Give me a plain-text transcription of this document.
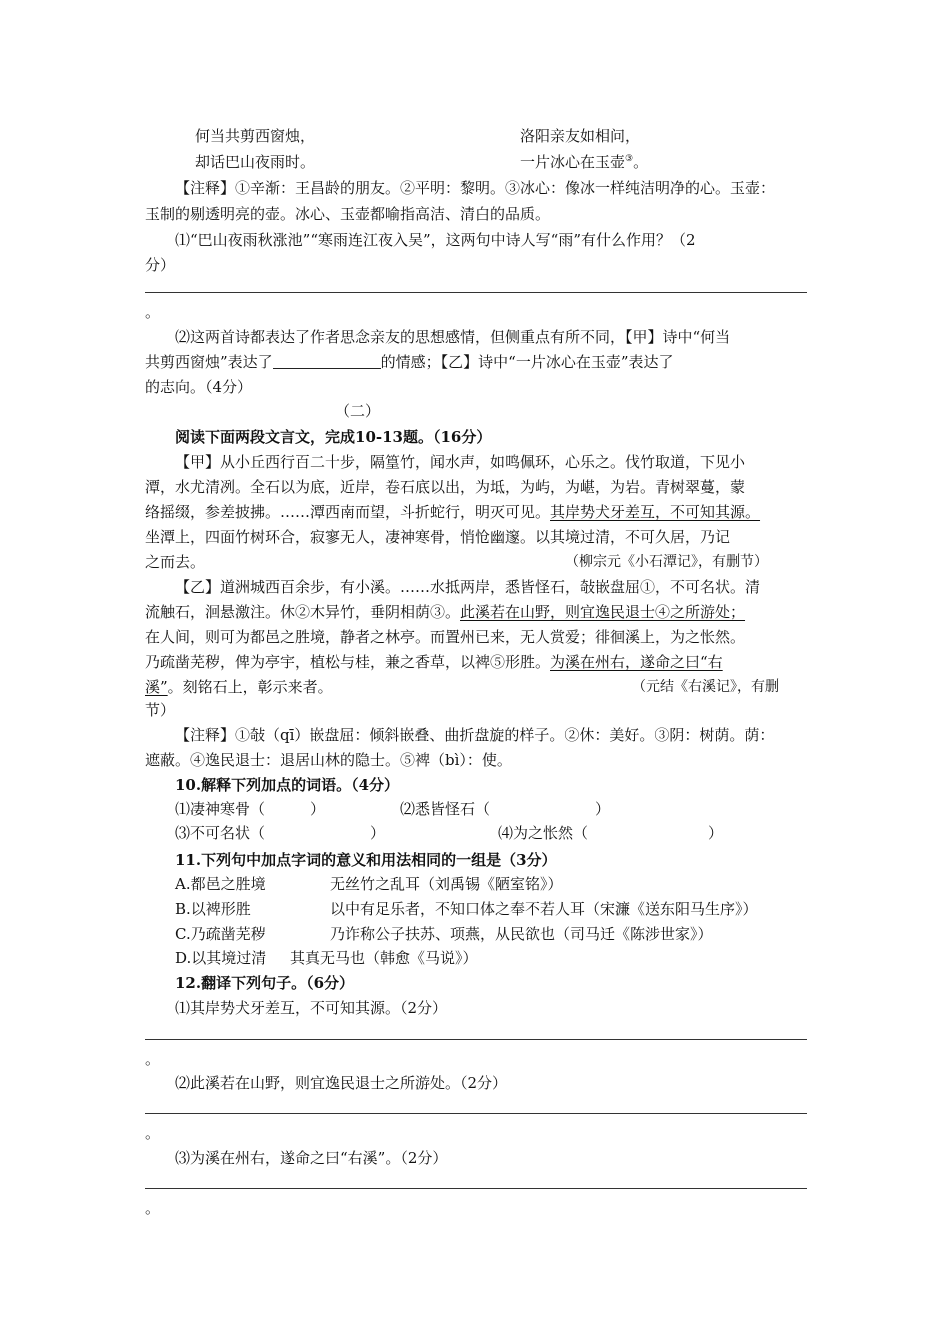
何当共剪西窗烛，	洛阳亲友如相问，
却话巴山夜雨时。	一片冰心在玉壶③。
【注释】①辛渐：王昌龄的朋友。②平明：黎明。③冰心：像冰一样纯洁明净的心。玉壶：
玉制的剔透明亮的壶。冰心、玉壶都喻指高洁、清白的品质。
⑴“巴山夜雨秋涨池”“寒雨连江夜入吴”，这两句中诗人写“雨”有什么作用？（2
分）
。
⑵这两首诗都表达了作者思念亲友的思想感情，但侧重点有所不同，【甲】诗中“何当
共剪西窗烛”表达了	的情感；【乙】诗中“一片冰心在玉壶”表达了
的志向。（4分）
（二）
阅读下面两段文言文，完成10-13题。（16分）
【甲】从小丘西行百二十步，隔篁竹，闻水声，如鸣佩环，心乐之。伐竹取道，下见小
潭，水尤清冽。全石以为底，近岸，卷石底以出，为坻，为屿，为嵁，为岩。青树翠蔓，蒙
络摇缀，参差披拂。……潭西南而望，斗折蛇行，明灭可见。其岸势犬牙差互，不可知其源。
坐潭上，四面竹树环合，寂寥无人，凄神寒骨，悄怆幽邃。以其境过清，不可久居，乃记
之而去。	（柳宗元《小石潭记》，有删节）
【乙】道洲城西百余步，有小溪。……水抵两岸，悉皆怪石，敧嵌盘屈①，不可名状。清
流触石，洄悬激注。休②木异竹，垂阴相荫③。此溪若在山野，则宜逸民退士④之所游处；
在人间，则可为都邑之胜境，静者之林亭。而置州已来，无人赏爱；徘徊溪上，为之怅然。
乃疏凿芜秽，俾为亭宇，植松与桂，兼之香草，以裨⑤形胜。为溪在州右，遂命之曰“右
溪”。刻铭石上，彰示来者。	（元结《右溪记》，有删
节）
【注释】①敧（qī）嵌盘屈：倾斜嵌叠、曲折盘旋的样子。②休：美好。③阴：树荫。荫：
遮蔽。④逸民退士：退居山林的隐士。⑤裨（bì）：使。
10.解释下列加点的词语。（4分）
⑴凄神寒骨（　　　）	⑵悉皆怪石（　　　　　　　）
⑶不可名状（　　　　　　　）	⑷为之怅然（　　　　　　　　）
11.下列句中加点字词的意义和用法相同的一组是（3分）
A.都邑之胜境	无丝竹之乱耳（刘禹锡《陋室铭》）
B.以裨形胜	以中有足乐者，不知口体之奉不若人耳（宋濂《送东阳马生序》）
C.乃疏凿芜秽	乃诈称公子扶苏、项燕，从民欲也（司马迁《陈涉世家》）
D.以其境过清 其真无马也（韩愈《马说》）
12.翻译下列句子。（6分）
⑴其岸势犬牙差互，不可知其源。（2分）
。
⑵此溪若在山野，则宜逸民退士之所游处。（2分）
。
⑶为溪在州右，遂命之曰“右溪”。（2分）
。
